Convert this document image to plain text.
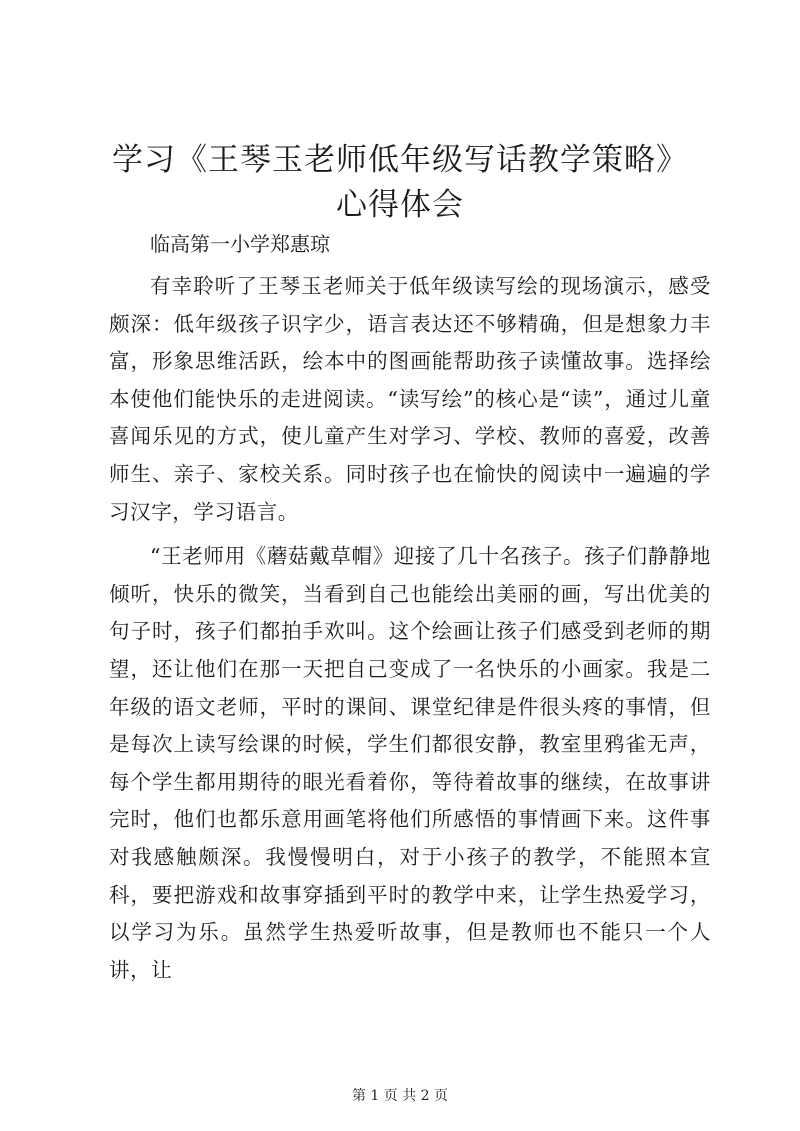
学习《王琴玉老师低年级写话教学策略》心得体会

临高第一小学郑惠琼

有幸聆听了王琴玉老师关于低年级读写绘的现场演示，感受颇深：低年级孩子识字少，语言表达还不够精确，但是想象力丰富，形象思维活跃，绘本中的图画能帮助孩子读懂故事。选择绘本使他们能快乐的走进阅读。“读写绘”的核心是“读”，通过儿童喜闻乐见的方式，使儿童产生对学习、学校、教师的喜爱，改善师生、亲子、家校关系。同时孩子也在愉快的阅读中一遍遍的学习汉字，学习语言。

“王老师用《蘑菇戴草帽》迎接了几十名孩子。孩子们静静地倾听，快乐的微笑，当看到自己也能绘出美丽的画，写出优美的句子时，孩子们都拍手欢叫。这个绘画让孩子们感受到老师的期望，还让他们在那一天把自己变成了一名快乐的小画家。我是二年级的语文老师，平时的课间、课堂纪律是件很头疼的事情，但是每次上读写绘课的时候，学生们都很安静，教室里鸦雀无声，每个学生都用期待的眼光看着你，等待着故事的继续，在故事讲完时，他们也都乐意用画笔将他们所感悟的事情画下来。这件事对我感触颇深。我慢慢明白，对于小孩子的教学，不能照本宣科，要把游戏和故事穿插到平时的教学中来，让学生热爱学习，以学习为乐。虽然学生热爱听故事，但是教师也不能只一个人讲，让

第 1 页 共 2 页
